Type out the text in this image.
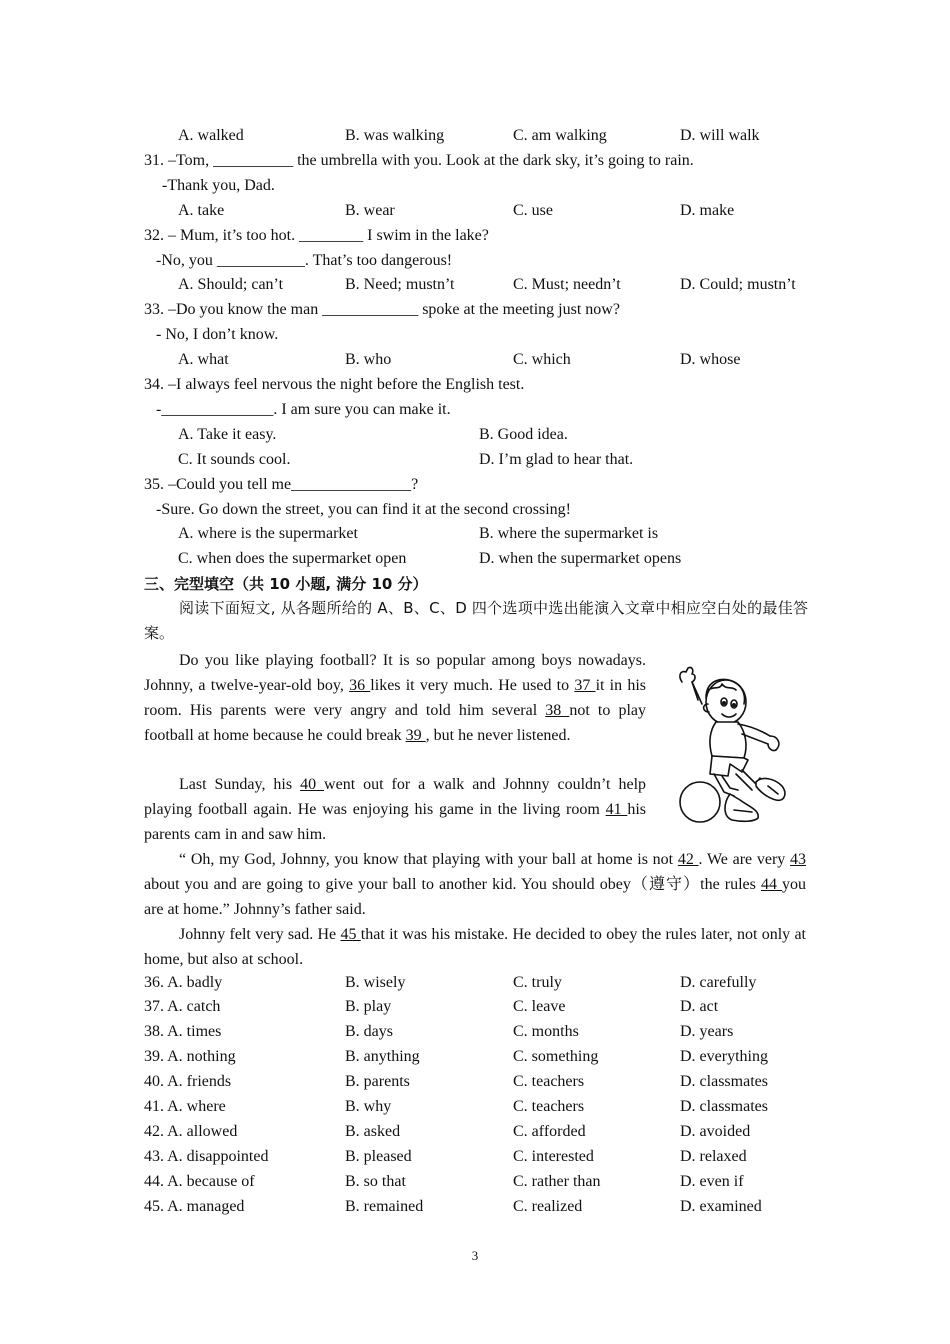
A. walked	B. was walking	C. am walking	D. will walk
31. –Tom, __________ the umbrella with you. Look at the dark sky, it’s going to rain.
-Thank you, Dad.
A. take	B. wear	C. use	D. make
32. – Mum, it’s too hot. ________ I swim in the lake?
-No, you ___________. That’s too dangerous!
A. Should; can’t	B. Need; mustn’t	C. Must; needn’t	D. Could; mustn’t
33. –Do you know the man ____________ spoke at the meeting just now?
- No, I don’t know.
A. what	B. who	C. which	D. whose
34. –I always feel nervous the night before the English test.
-______________. I am sure you can make it.
A. Take it easy.	B. Good idea.
C. It sounds cool.	D. I’m glad to hear that.
35. –Could you tell me_______________?
-Sure. Go down the street, you can find it at the second crossing!
A. where is the supermarket	B. where the supermarket is
C. when does the supermarket open	D. when the supermarket opens
三、完型填空（共 10 小题, 满分 10 分）
阅读下面短文, 从各题所给的 A、B、C、D 四个选项中选出能演入文章中相应空白处的最佳答案。
Do you like playing football? It is so popular among boys nowadays. Johnny, a twelve-year-old boy, 36 likes it very much. He used to 37 it in his room. His parents were very angry and told him several 38 not to play football at home because he could break 39 , but he never listened.
Last Sunday, his 40 went out for a walk and Johnny couldn’t help playing football again. He was enjoying his game in the living room 41 his parents cam in and saw him.
“ Oh, my God, Johnny, you know that playing with your ball at home is not 42 . We are very 43 about you and are going to give your ball to another kid. You should obey（遵守）the rules 44 you are at home.” Johnny’s father said.
Johnny felt very sad. He 45 that it was his mistake. He decided to obey the rules later, not only at home, but also at school.
36. A. badly	B. wisely	C. truly	D. carefully
37. A. catch	B. play	C. leave	D. act
38. A. times	B. days	C. months	D. years
39. A. nothing	B. anything	C. something	D. everything
40. A. friends	B. parents	C. teachers	D. classmates
41. A. where	B. why	C. teachers	D. classmates
42. A. allowed	B. asked	C. afforded	D. avoided
43. A. disappointed	B. pleased	C. interested	D. relaxed
44. A. because of	B. so that	C. rather than	D. even if
45. A. managed	B. remained	C. realized	D. examined
3
